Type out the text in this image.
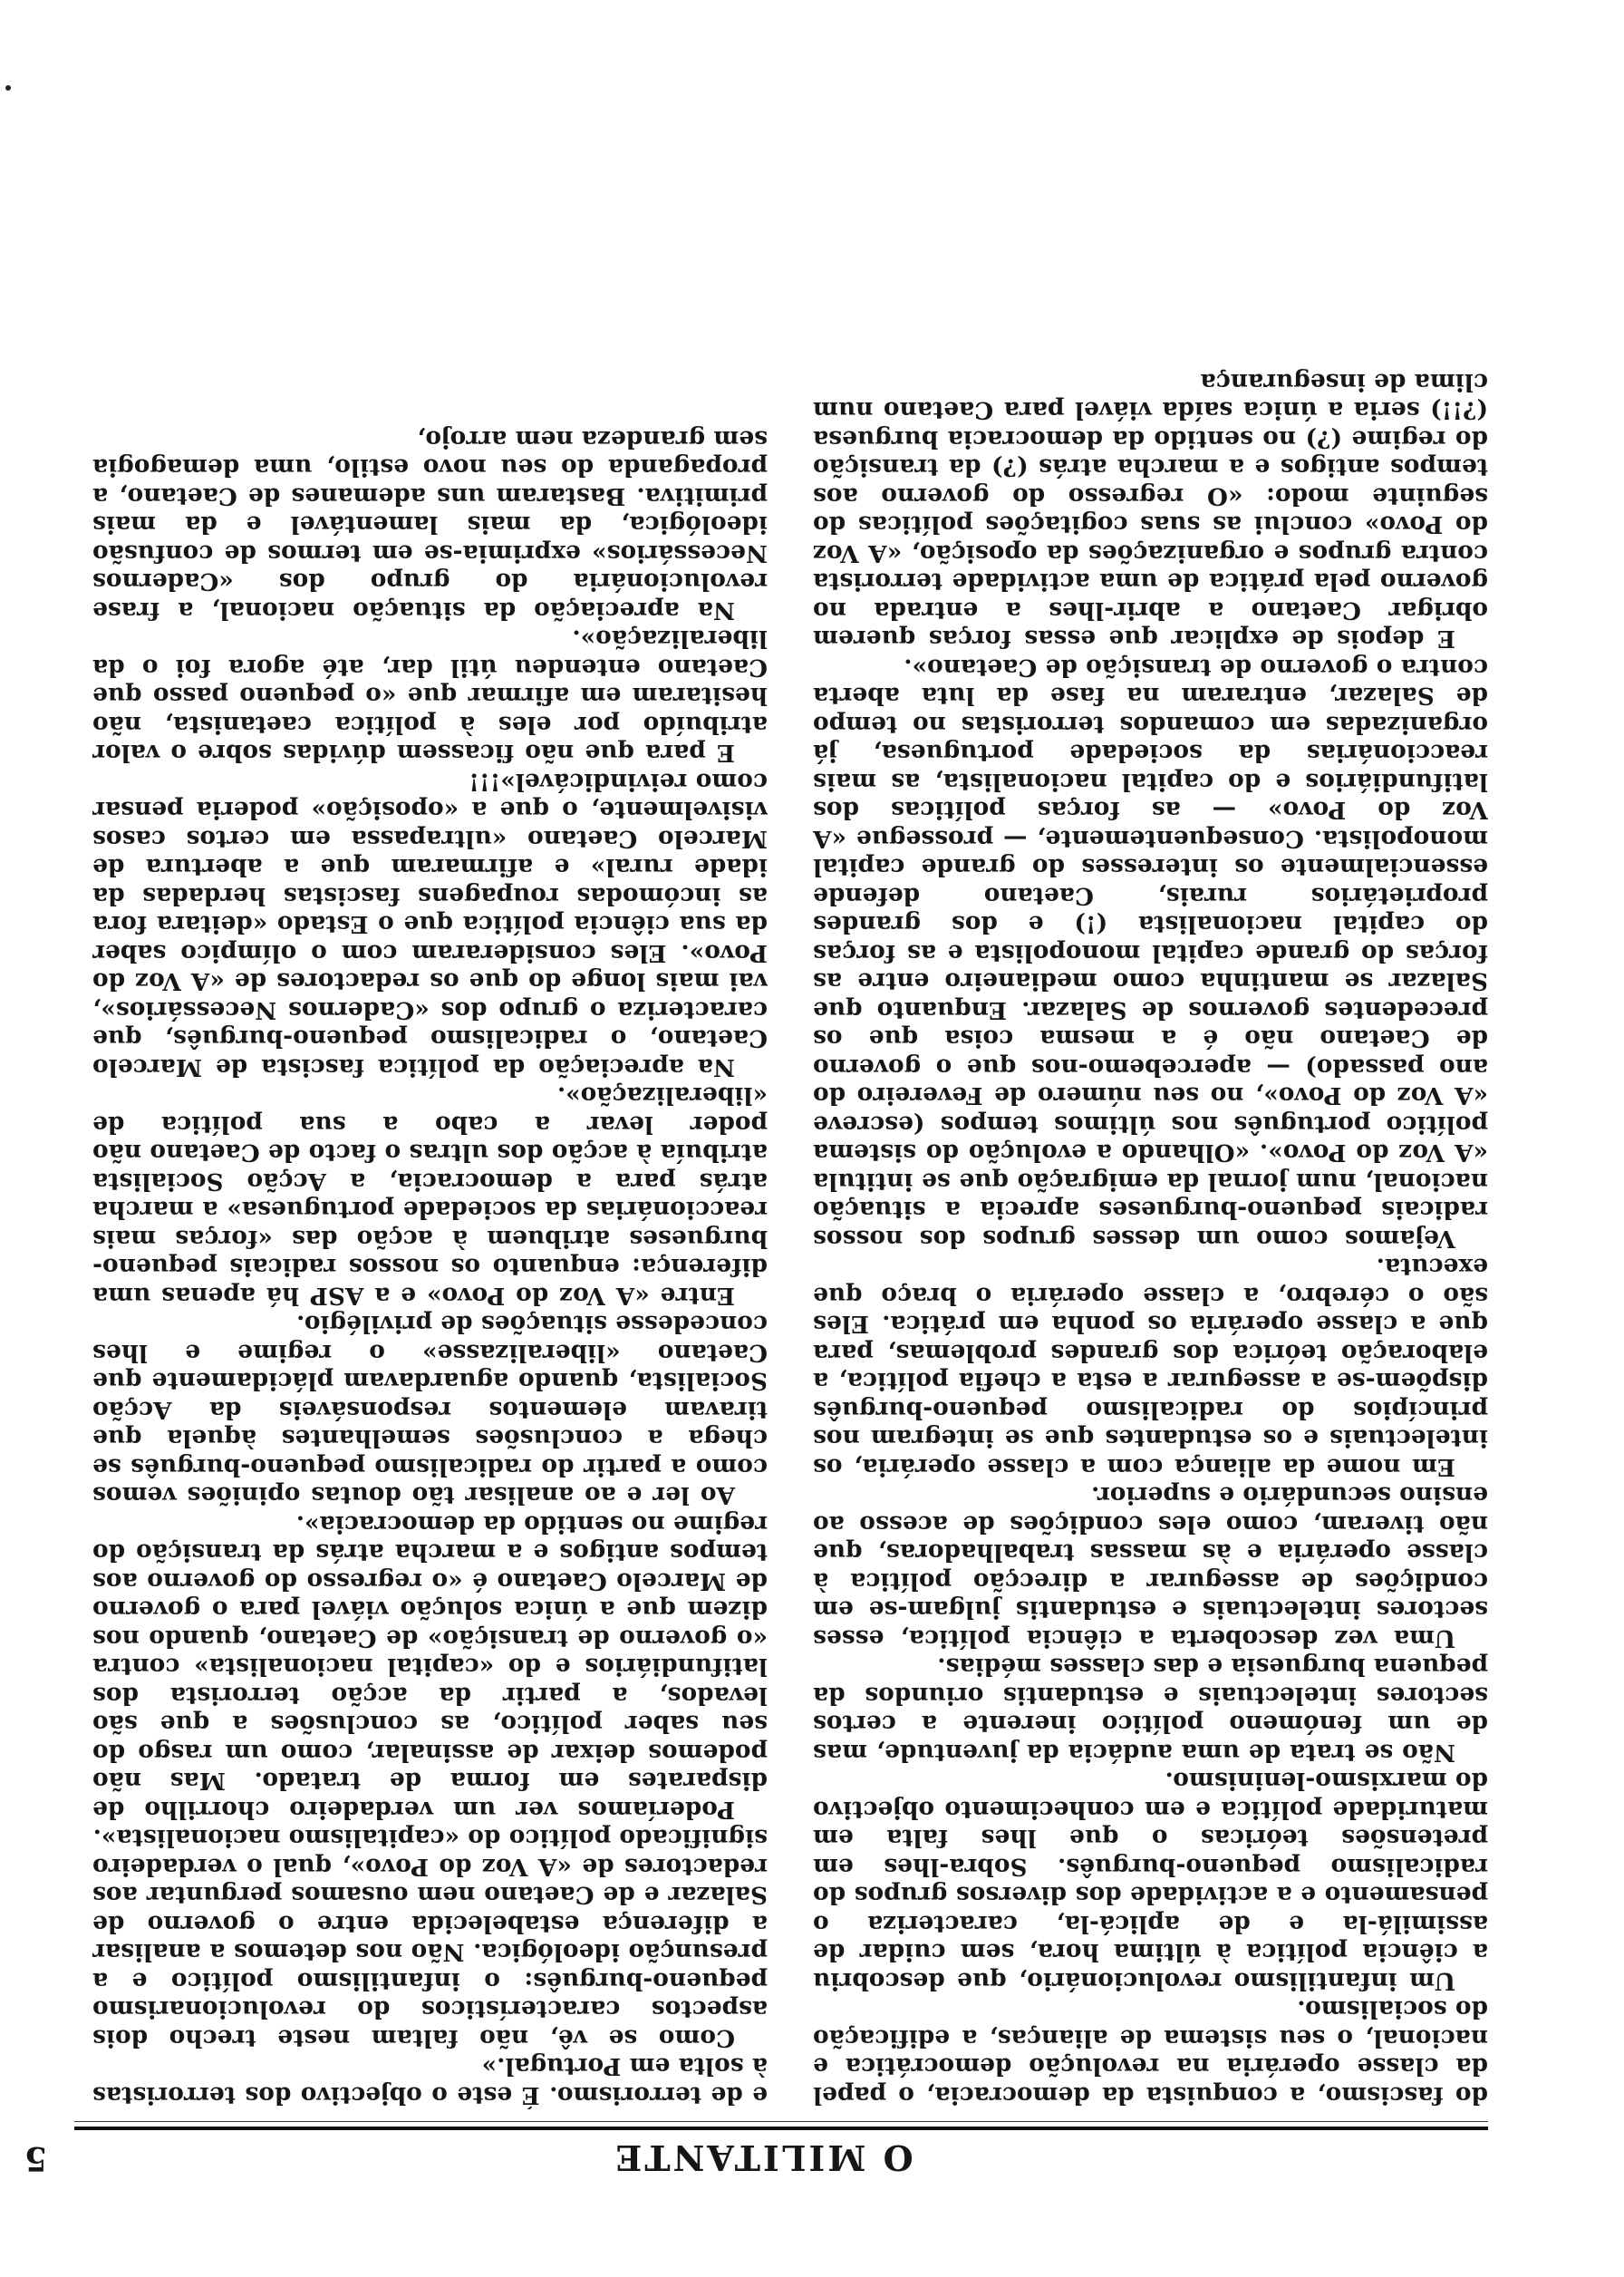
5	O MILITANTE

do fascismo, a conquista da democracia, o papel da classe operária na revolução democrática e nacional, o seu sistema de alianças, a edificação do socialismo.

Um infantilismo revolucionário, que descobriu a ciência política à última hora, sem cuidar de assimilá-la e de aplicá-la, caracteriza o pensamento e a actividade dos diversos grupos do radicalismo pequeno-burguês. Sobra-lhes em pretensões teóricas o que lhes falta em maturidade política e em conhecimento objectivo do marxismo-leninismo.

Não se trata de uma audácia da juventude, mas de um fenómeno político inerente a certos sectores intelectuais e estudantis oriundos da pequena burguesia e das classes médias.

Uma vez descoberta a ciência política, esses sectores intelectuais e estudantis julgam-se em condições de assegurar a direcção política à classe operária e às massas trabalhadoras, que não tiveram, como eles condições de acesso ao ensino secundário e superior.

Em nome da aliança com a classe operária, os intelectuais e os estudantes que se integram nos princípios do radicalismo pequeno-burguês dispõem-se a assegurar a esta a chefia política, a elaboração teórica dos grandes problemas, para que a classe operária os ponha em prática. Eles são o cérebro, a classe operária o braço que executa.

Vejamos como um desses grupos dos nossos radicais pequeno-burgueses aprecia a situação nacional, num jornal da emigração que se intitula «A Voz do Povo». «Olhando a evolução do sistema político português nos últimos tempos (escreve «A Voz do Povo», no seu número de Fevereiro do ano passado) — apercebemo-nos que o governo de Caetano não é a mesma coisa que os precedentes governos de Salazar. Enquanto que Salazar se mantinha como medianeiro entre as forças do grande capital monopolista e as forças do capital nacionalista (!) e dos grandes proprietários rurais, Caetano defende essencialmente os interesses do grande capital monopolista. Consequentemente, — prossegue «A Voz do Povo» — as forças políticas dos latifundiários e do capital nacionalista, as mais reaccionárias da sociedade portuguesa, já organizadas em comandos terroristas no tempo de Salazar, entraram na fase da luta aberta contra o governo de transição de Caetano».

E depois de explicar que essas forças querem obrigar Caetano a abrir-lhes a entrada no governo pela prática de uma actividade terrorista contra grupos e organizações da oposição, «A Voz do Povo» conclui as suas cogitações políticas do seguinte modo: «O regresso do governo aos tempos antigos e a marcha atrás (?) da transição do regime (?) no sentido da democracia burguesa (?!!) seria a única saída viável para Caetano num clima de insegurança

e de terrorismo. É este o objectivo dos terroristas à solta em Portugal.»

Como se vê, não faltam neste trecho dois aspectos característicos do revolucionarismo pequeno-burguês: o infantilismo político e a presunção ideológica. Não nos detemos a analisar a diferença estabelecida entre o governo de Salazar e de Caetano nem ousamos perguntar aos redactores de «A Voz do Povo», qual o verdadeiro significado político do «capitalismo nacionalista».

Poderíamos ver um verdadeiro chorrilho de disparates em forma de tratado. Mas não podemos deixar de assinalar, como um rasgo do seu saber político, as conclusões a que são levados, a partir da acção terrorista dos latifundiários e do «capital nacionalista» contra «o governo de transição» de Caetano, quando nos dizem que a única solução viável para o governo de Marcelo Caetano é «o regresso do governo aos tempos antigos e a marcha atrás da transição do regime no sentido da democracia».

Ao ler e ao analisar tão doutas opiniões vemos como a partir do radicalismo pequeno-burguês se chega a conclusões semelhantes àquela que tiravam elementos responsáveis da Acção Socialista, quando aguardavam plácidamente que Caetano «liberalizasse» o regime e lhes concedesse situações de privilégio.

Entre «A Voz do Povo» e a ASP há apenas uma diferença: enquanto os nossos radicais pequeno-burgueses atribuem à acção das «forças mais reaccionárias da sociedade portuguesa» a marcha atrás para a democracia, a Acção Socialista atribuía à acção dos ultras o facto de Caetano não poder levar a cabo a sua política de «liberalização».

Na apreciação da política fascista de Marcelo Caetano, o radicalismo pequeno-burguês, que caracteriza o grupo dos «Cadernos Necessários», vai mais longe do que os redactores de «A Voz do Povo». Eles consideraram com o olímpico saber da sua ciência política que o Estado «deitara fora as incómodas roupagens fascistas herdadas da idade rural» e afirmaram que a abertura de Marcelo Caetano «ultrapassa em certos casos visivelmente, o que a «oposição» poderia pensar como reivindicável»!!!

E para que não ficassem dúvidas sobre o valor atribuído por eles à política caetanista, não hesitaram em afirmar que «o pequeno passo que Caetano entendeu útil dar, até agora foi o da liberalização».

Na apreciação da situação nacional, a frase revolucionária do grupo dos «Cadernos Necessários» exprimia-se em termos de confusão ideológica, da mais lamentável e da mais primitiva. Bastaram uns ademanes de Caetano, a propaganda do seu novo estilo, uma demagogia sem grandeza nem arrojo,
